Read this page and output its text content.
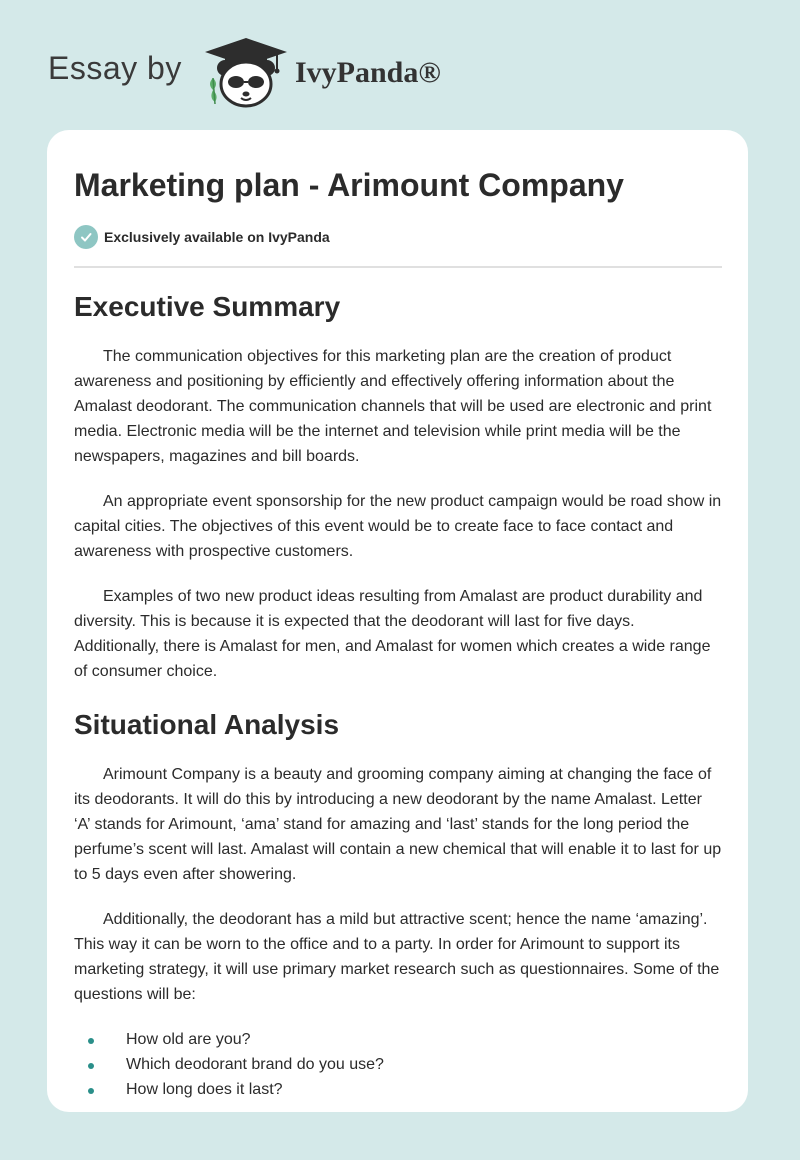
Essay by	IvyPanda®
Marketing plan - Arimount Company
Exclusively available on IvyPanda
Executive Summary

The communication objectives for this marketing plan are the creation of product awareness and positioning by efficiently and effectively offering information about the Amalast deodorant. The communication channels that will be used are electronic and print media. Electronic media will be the internet and television while print media will be the newspapers, magazines and bill boards.

An appropriate event sponsorship for the new product campaign would be road show in capital cities. The objectives of this event would be to create face to face contact and awareness with prospective customers.

Examples of two new product ideas resulting from Amalast are product durability and diversity. This is because it is expected that the deodorant will last for five days. Additionally, there is Amalast for men, and Amalast for women which creates a wide range of consumer choice.

Situational Analysis

Arimount Company is a beauty and grooming company aiming at changing the face of its deodorants. It will do this by introducing a new deodorant by the name Amalast. Letter ‘A’ stands for Arimount, ‘ama’ stand for amazing and ‘last’ stands for the long period the perfume’s scent will last. Amalast will contain a new chemical that will enable it to last for up to 5 days even after showering.

Additionally, the deodorant has a mild but attractive scent; hence the name ‘amazing’. This way it can be worn to the office and to a party. In order for Arimount to support its marketing strategy, it will use primary market research such as questionnaires. Some of the questions will be:

How old are you?
Which deodorant brand do you use?
How long does it last?
